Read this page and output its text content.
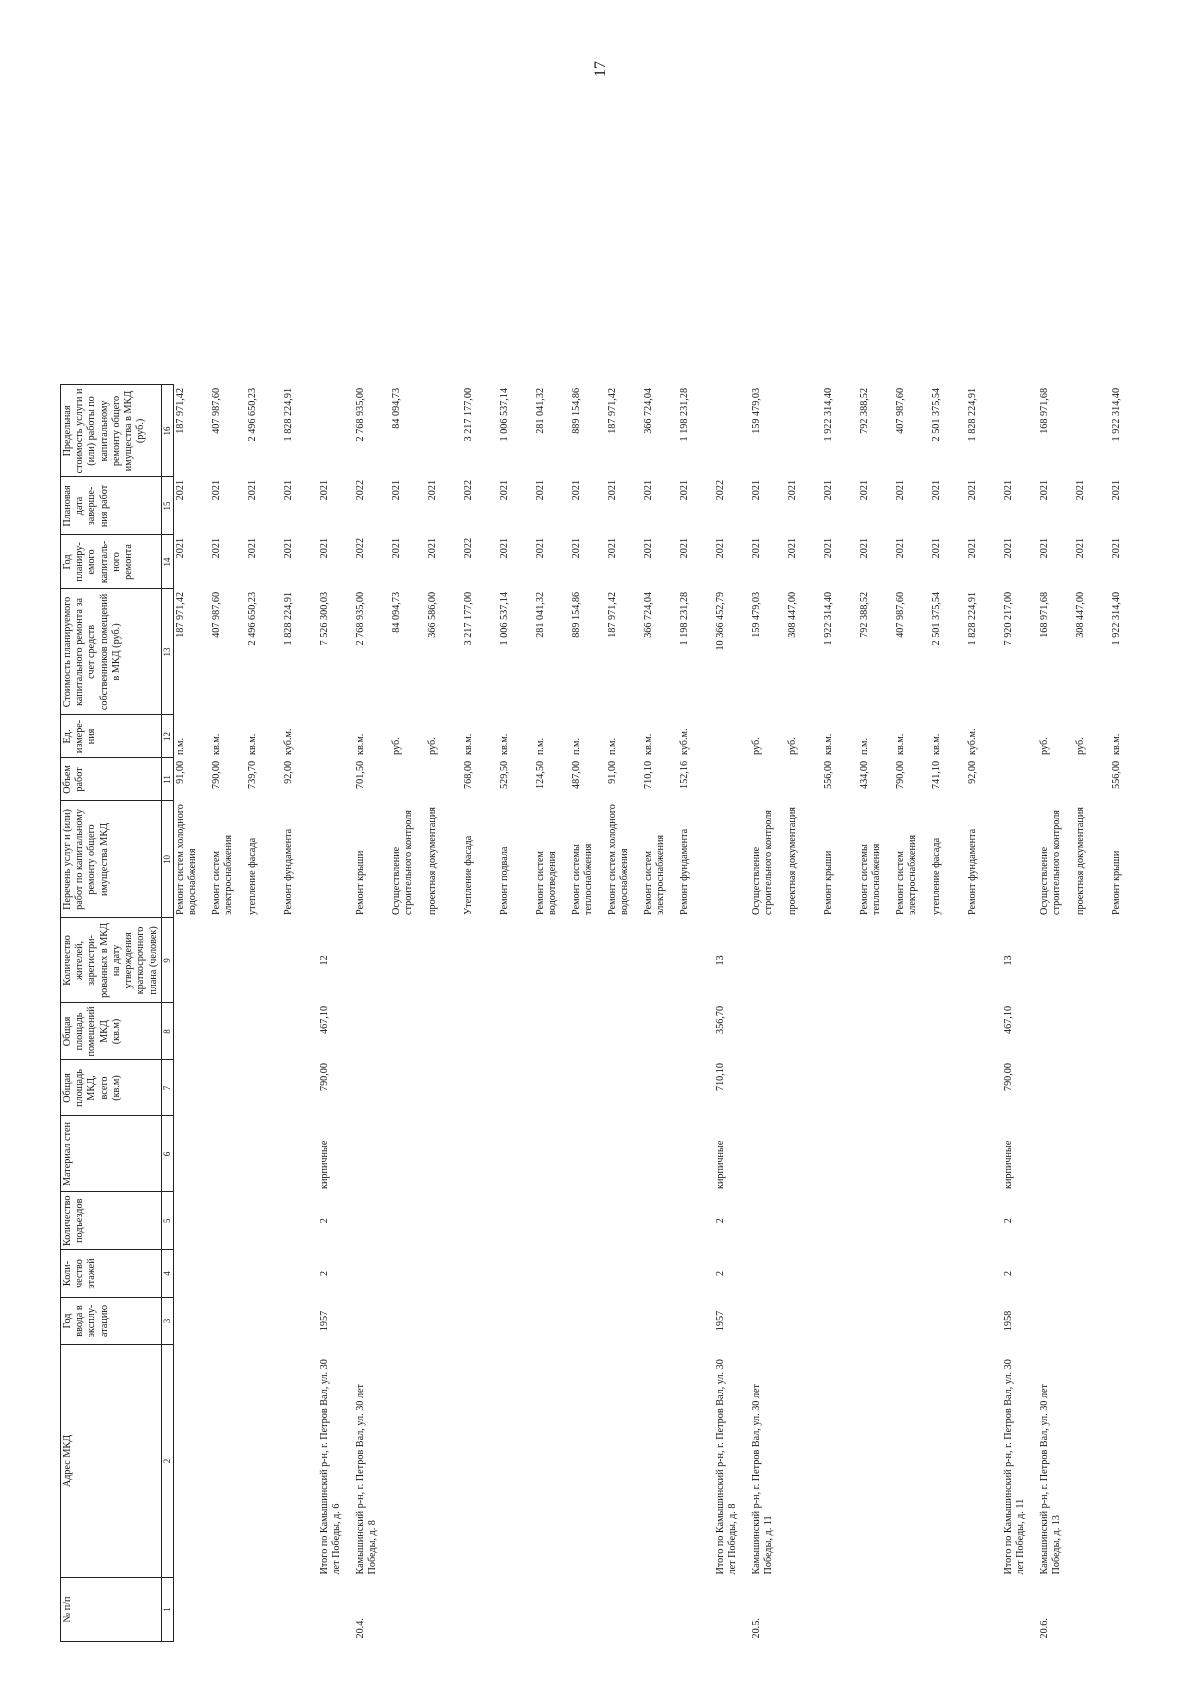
17
№ п/п	Адрес МКД	Год ввода в эксплу-атацию	Коли-чество этажей	Количество подъездов	Материал стен	Общая площадь МКД, всего (кв.м)	Общая площадь помещений МКД (кв.м)	Количество жителей, зарегистри-рованных в МКД на дату утверждения краткосрочного плана (человек)	Перечень услуг и (или) работ по капитальному ремонту общего имущества МКД	Объем работ	Ед. измере-ния	Стоимость планируемого капитального ремонта за счет средств собственников помещений в МКД (руб.)	Год планиру-емого капиталь-ного ремонта	Плановая дата заверше-ния работ	Предельная стоимость услуги и (или) работы по капитальному ремонту общего имущества в МКД (руб.)
1	2	3	4	5	6	7	8	9	10	11	12	13	14	15	16
									Ремонт систем холодного водоснабжения	91,00	п.м.	187 971,42	2021	2021	187 971,42
									Ремонт систем электроснабжения	790,00	кв.м.	407 987,60	2021	2021	407 987,60
									утепление фасада	739,70	кв.м.	2 496 650,23	2021	2021	2 496 650,23
									Ремонт фундамента	92,00	куб.м.	1 828 224,91	2021	2021	1 828 224,91
	Итого по Камышинский р-н, г. Петров Вал, ул. 30 лет Победы, д. 6	1957	2	2	кирпичные	790,00	467,10	12				7 526 300,03	2021	2021	
20.4.	Камышинский р-н, г. Петров Вал, ул. 30 лет Победы, д. 8								Ремонт крыши	701,50	кв.м.	2 768 935,00	2022	2022	2 768 935,00
									Осуществление строительного контроля		руб.	84 094,73	2021	2021	84 094,73
									проектная документация		руб.	366 586,00	2021	2021	
									Утепление фасада	768,00	кв.м.	3 217 177,00	2022	2022	3 217 177,00
									Ремонт подвала	529,50	кв.м.	1 006 537,14	2021	2021	1 006 537,14
									Ремонт систем водоотведения	124,50	п.м.	281 041,32	2021	2021	281 041,32
									Ремонт системы теплоснабжения	487,00	п.м.	889 154,86	2021	2021	889 154,86
									Ремонт систем холодного водоснабжения	91,00	п.м.	187 971,42	2021	2021	187 971,42
									Ремонт систем электроснабжения	710,10	кв.м.	366 724,04	2021	2021	366 724,04
									Ремонт фундамента	152,16	куб.м.	1 198 231,28	2021	2021	1 198 231,28
	Итого по Камышинский р-н, г. Петров Вал, ул. 30 лет Победы, д. 8	1957	2	2	кирпичные	710,10	356,70	13				10 366 452,79	2021	2022	
20.5.	Камышинский р-н, г. Петров Вал, ул. 30 лет Победы, д. 11								Осуществление строительного контроля		руб.	159 479,03	2021	2021	159 479,03
									проектная документация		руб.	308 447,00	2021	2021	
									Ремонт крыши	556,00	кв.м.	1 922 314,40	2021	2021	1 922 314,40
									Ремонт системы теплоснабжения	434,00	п.м.	792 388,52	2021	2021	792 388,52
									Ремонт систем электроснабжения	790,00	кв.м.	407 987,60	2021	2021	407 987,60
									утепление фасада	741,10	кв.м.	2 501 375,54	2021	2021	2 501 375,54
									Ремонт фундамента	92,00	куб.м.	1 828 224,91	2021	2021	1 828 224,91
	Итого по Камышинский р-н, г. Петров Вал, ул. 30 лет Победы, д. 11	1958	2	2	кирпичные	790,00	467,10	13				7 920 217,00	2021	2021	
20.6.	Камышинский р-н, г. Петров Вал, ул. 30 лет Победы, д. 13								Осуществление строительного контроля		руб.	168 971,68	2021	2021	168 971,68
									проектная документация		руб.	308 447,00	2021	2021	
									Ремонт крыши	556,00	кв.м.	1 922 314,40	2021	2021	1 922 314,40
